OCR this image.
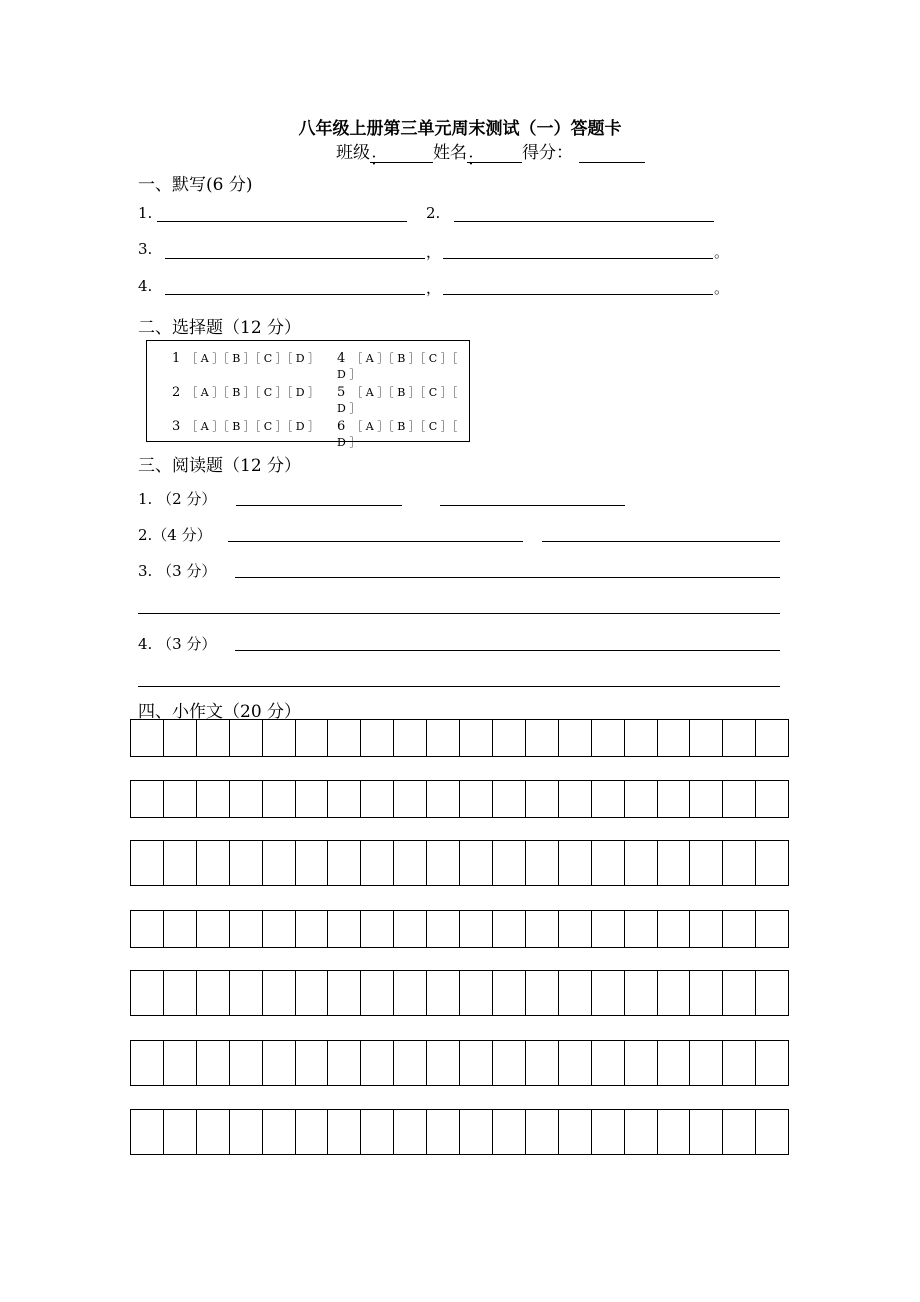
八年级上册第三单元周末测试（一）答题卡
班级：	姓名： 得分：
一、默写(6 分)
1.	2.
3.	，	。
4.	，	。
二、选择题（12 分）
1 ［ A ］［ B ］［ C ］［ D ］ 4 ［ A ］［ B ］［ C ］［ D ］
2 ［ A ］［ B ］［ C ］［ D ］ 5 ［ A ］［ B ］［ C ］［ D ］
3 ［ A ］［ B ］［ C ］［ D ］ 6 ［ A ］［ B ］［ C ］［ D ］
三、阅读题（12 分）
1. （2 分）
2.（4 分）
3. （3 分）
4. （3 分）
四、小作文（20 分）
